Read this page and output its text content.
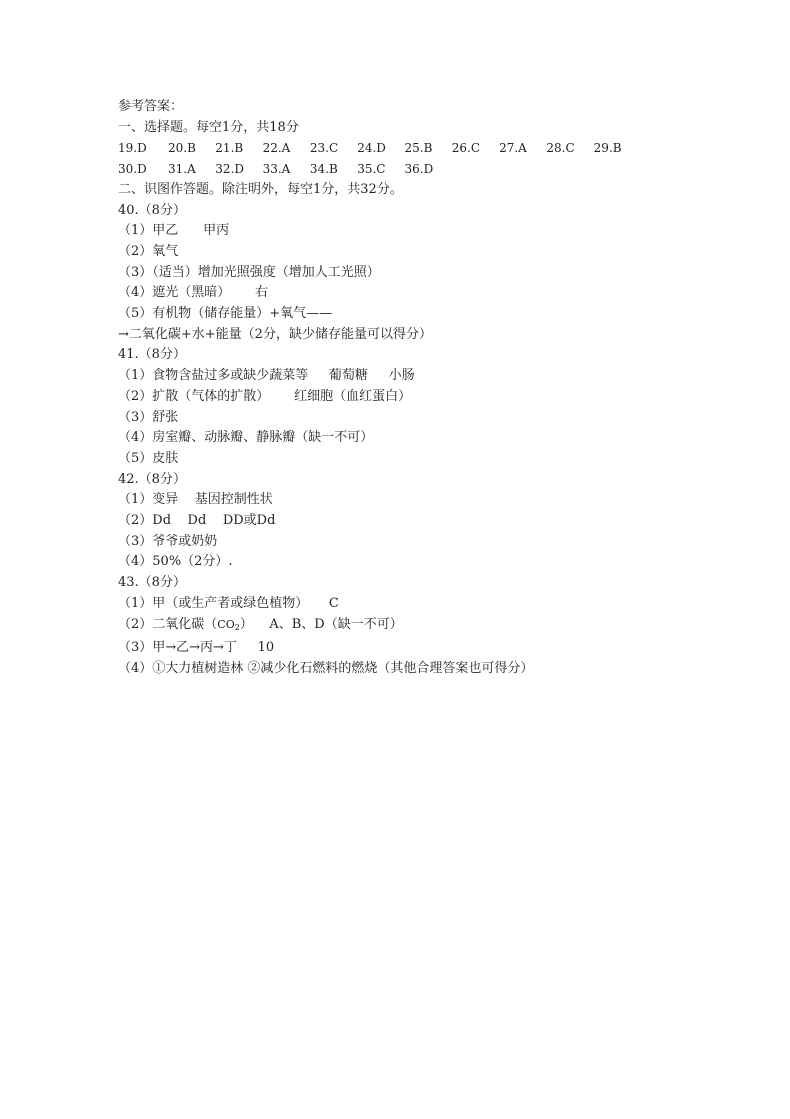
参考答案：

一、选择题。每空1分，共18分

19.D	20.B	21.B	22.A	23.C	24.D	25.B	26.C	27.A	28.C	29.B
30.D	31.A	32.D	33.A	34.B	35.C	36.D

二、识图作答题。除注明外，每空1分，共32分。

40.（8分）

（1）甲乙      甲丙

（2）氧气

（3）（适当）增加光照强度（增加人工光照）

（4）遮光（黑暗）      右

（5）有机物（储存能量）+氧气——

→二氧化碳+水+能量（2分，缺少储存能量可以得分）

41.（8分）

（1）食物含盐过多或缺少蔬菜等     葡萄糖     小肠

（2）扩散（气体的扩散）      红细胞（血红蛋白）

（3）舒张

（4）房室瓣、动脉瓣、静脉瓣（缺一不可）

（5）皮肤

42.（8分）

（1）变异    基因控制性状

（2）Dd    Dd    DD或Dd

（3）爷爷或奶奶

（4）50%（2分）.

43.（8分）

（1）甲（或生产者或绿色植物）     C

（2）二氧化碳$(CO_2)$    A、B、D（缺一不可）

（3）甲→乙→丙→丁     10

（4）①大力植树造林 ②减少化石燃料的燃烧（其他合理答案也可得分）
